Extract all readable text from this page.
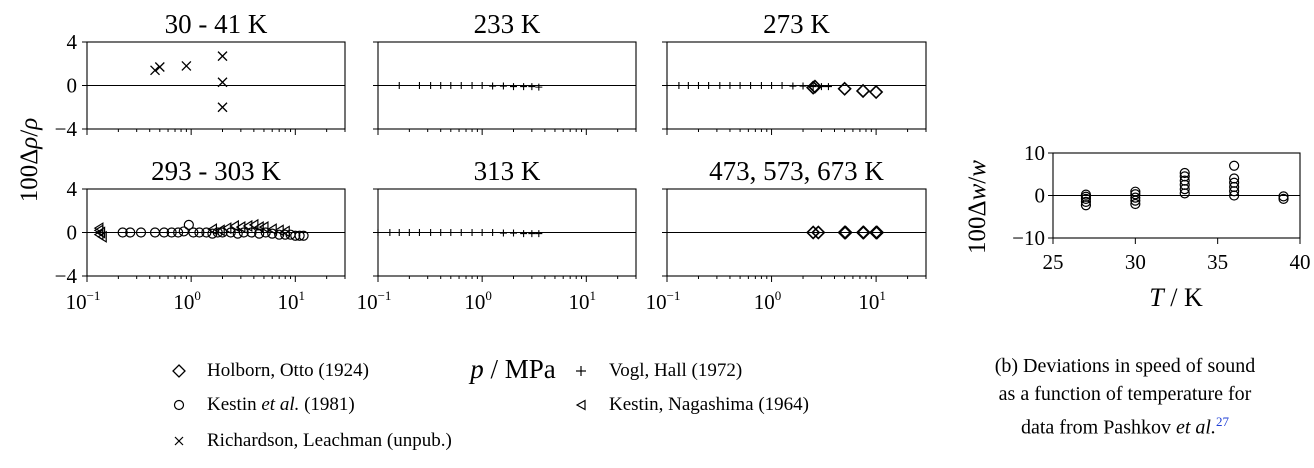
30 - 41 K
4
0
−4
233 K	273 K
293 - 303 K
4
0
−4
$10^{-1}$	$10^0$	$10^1$
313 K
$10^{-1}$	$10^0$	$10^1$
473, 573, 673 K
$10^{-1}$	$10^0$	$10^1$
100Δρ/ρ
p / MPa
10
0
−10
25	30	35	40
100Δw/w
T / K
Holborn, Otto (1924)	Vogl, Hall (1972)
Kestin et al. (1981)	Kestin, Nagashima (1964)
Richardson, Leachman (unpub.)
(b) Deviations in speed of sound
as a function of temperature for
data from Pashkov et al.$^{27}$
